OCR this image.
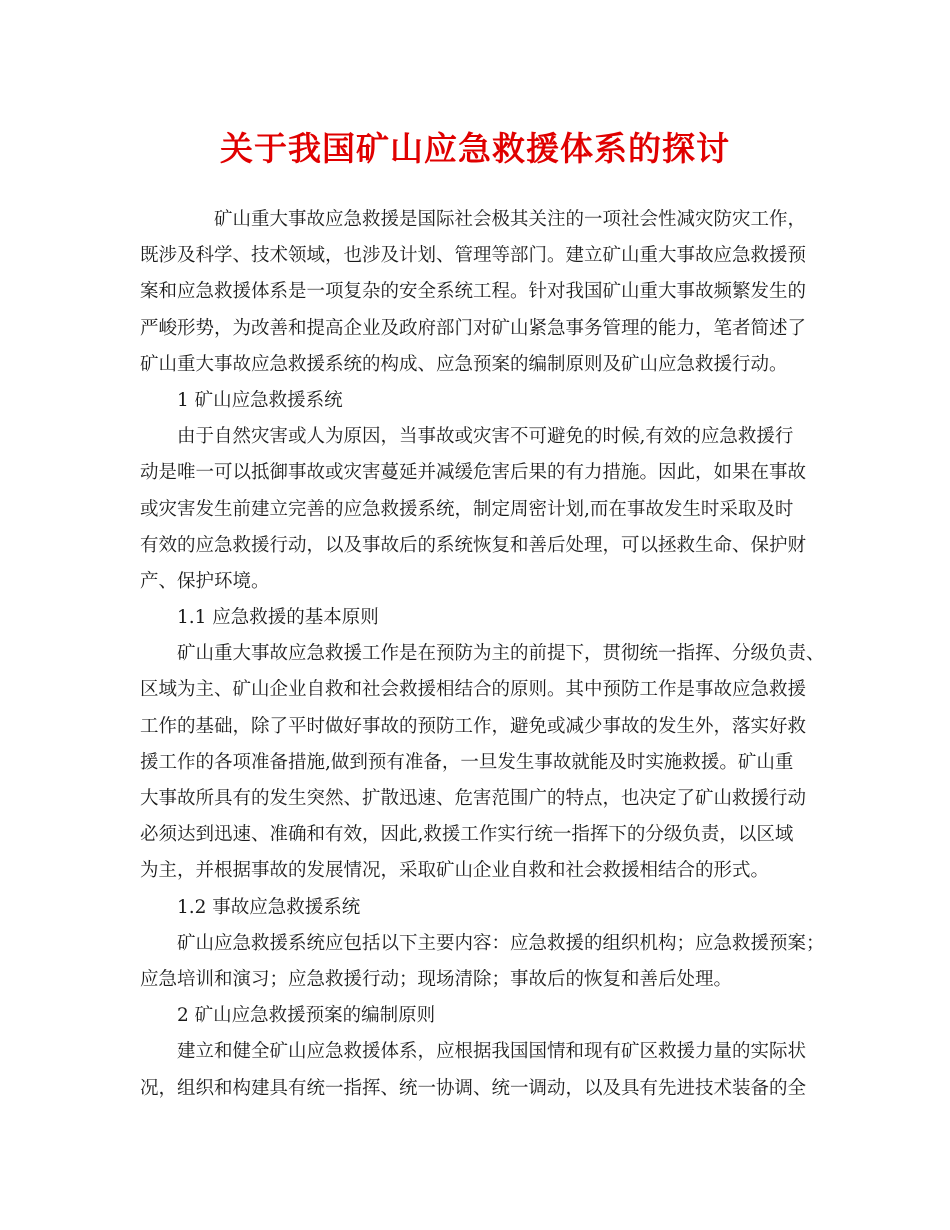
关于我国矿山应急救援体系的探讨
矿山重大事故应急救援是国际社会极其关注的一项社会性减灾防灾工作，
既涉及科学、技术领域，也涉及计划、管理等部门。建立矿山重大事故应急救援预
案和应急救援体系是一项复杂的安全系统工程。针对我国矿山重大事故频繁发生的
严峻形势，为改善和提高企业及政府部门对矿山紧急事务管理的能力，笔者简述了
矿山重大事故应急救援系统的构成、应急预案的编制原则及矿山应急救援行动。
1 矿山应急救援系统
由于自然灾害或人为原因，当事故或灾害不可避免的时候,有效的应急救援行
动是唯一可以抵御事故或灾害蔓延并减缓危害后果的有力措施。因此，如果在事故
或灾害发生前建立完善的应急救援系统，制定周密计划,而在事故发生时采取及时
有效的应急救援行动，以及事故后的系统恢复和善后处理，可以拯救生命、保护财
产、保护环境。
1.1 应急救援的基本原则
矿山重大事故应急救援工作是在预防为主的前提下，贯彻统一指挥、分级负责、
区域为主、矿山企业自救和社会救援相结合的原则。其中预防工作是事故应急救援
工作的基础，除了平时做好事故的预防工作，避免或减少事故的发生外，落实好救
援工作的各项准备措施,做到预有准备，一旦发生事故就能及时实施救援。矿山重
大事故所具有的发生突然、扩散迅速、危害范围广的特点，也决定了矿山救援行动
必须达到迅速、准确和有效，因此,救援工作实行统一指挥下的分级负责，以区域
为主，并根据事故的发展情况，采取矿山企业自救和社会救援相结合的形式。
1.2 事故应急救援系统
矿山应急救援系统应包括以下主要内容：应急救援的组织机构；应急救援预案；
应急培训和演习；应急救援行动；现场清除；事故后的恢复和善后处理。
2 矿山应急救援预案的编制原则
建立和健全矿山应急救援体系，应根据我国国情和现有矿区救援力量的实际状
况，组织和构建具有统一指挥、统一协调、统一调动，以及具有先进技术装备的全
